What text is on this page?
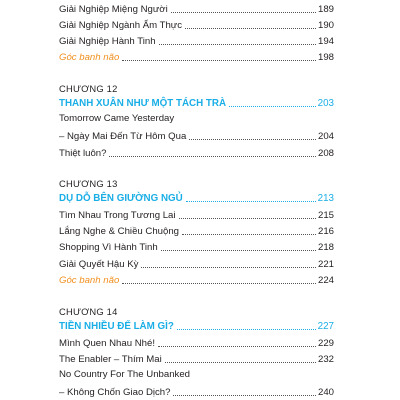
Giải Nghiệp Miệng Người	189
Giải Nghiệp Ngành Ẩm Thực	190
Giải Nghiệp Hành Tinh	194
Góc banh não	198
CHƯƠNG 12
THANH XUÂN NHƯ MỘT TÁCH TRÀ	203
Tomorrow Came Yesterday
– Ngày Mai Đến Từ Hôm Qua	204
Thiệt luôn?	208
CHƯƠNG 13
DỤ DỖ BÊN GIƯỜNG NGỦ	213
Tìm Nhau Trong Tương Lai	215
Lắng Nghe & Chiều Chuộng	216
Shopping Vì Hành Tinh	218
Giải Quyết Hậu Kỳ	221
Góc banh não	224
CHƯƠNG 14
TIỀN NHIỀU ĐỂ LÀM GÌ?	227
Mình Quen Nhau Nhé!	229
The Enabler – Thím Mai	232
No Country For The Unbanked
– Không Chốn Giao Dịch?	240
